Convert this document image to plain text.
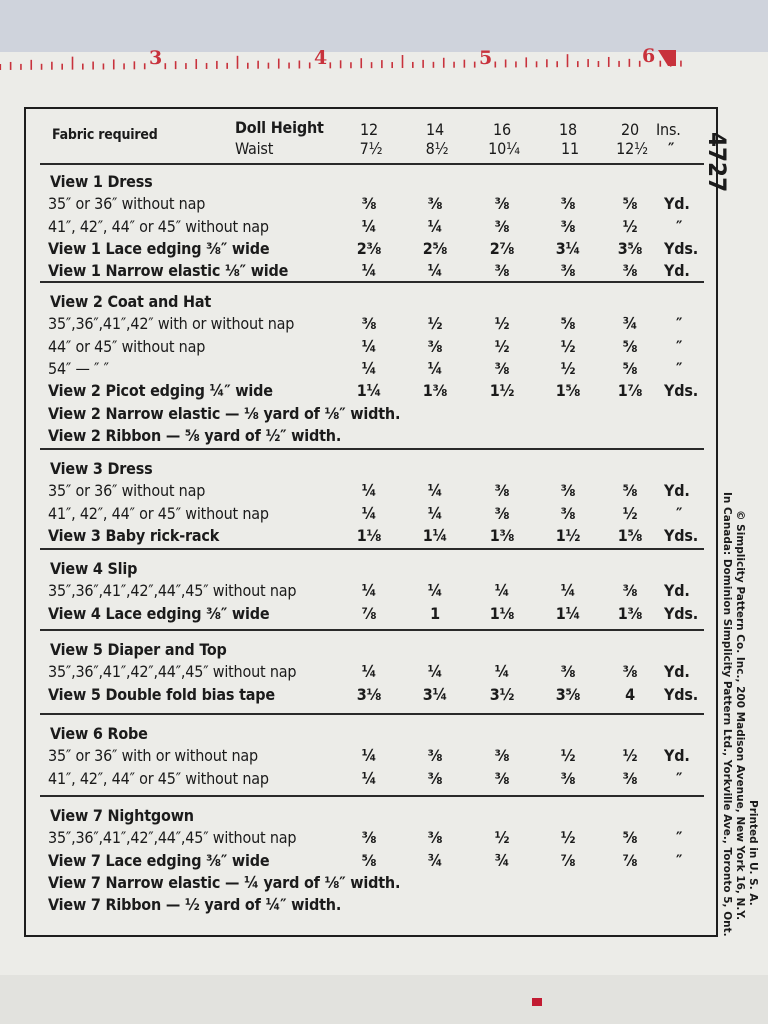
3	4	5	6
Fabric required	Doll Height
Waist
12	14	16	18	20 Ins.
7½	8½ 10¼	11 12½ ″
View 1 Dress
35″ or 36″ without nap	⅜	⅜	⅜	⅜	⅝ Yd.
41″, 42″, 44″ or 45″ without nap	¼	¼	⅜	⅜	½ ″
View 1 Lace edging ⅜″ wide	2⅜	2⅝	2⅞	3¼ 3⅝ Yds.
View 1 Narrow elastic ⅛″ wide	¼	¼	⅜	⅜	⅜ Yd.
View 2 Coat and Hat
35″,36″,41″,42″ with or without nap	⅜	½	½	⅝	¾ ″
44″ or 45″ without nap	¼	⅜	½	½	⅝ ″
54″ — ″ ″	¼	¼	⅜	½	⅝ ″
View 2 Picot edging ¼″ wide	1¼	1⅜	1½	1⅝ 1⅞ Yds.
View 2 Narrow elastic — ⅛ yard of ⅛″ width.
View 2 Ribbon — ⅝ yard of ½″ width.
View 3 Dress
35″ or 36″ without nap	¼	¼	⅜	⅜	⅝ Yd.
41″, 42″, 44″ or 45″ without nap	¼	¼	⅜	⅜	½ ″
View 3 Baby rick-rack	1⅛	1¼	1⅜	1½ 1⅝ Yds.
View 4 Slip
35″,36″,41″,42″,44″,45″ without nap	¼	¼	¼	¼	⅜ Yd.
View 4 Lace edging ⅜″ wide	⅞	1	1⅛	1¼ 1⅜ Yds.
View 5 Diaper and Top
35″,36″,41″,42″,44″,45″ without nap	¼	¼	¼	⅜	⅜ Yd.
View 5 Double fold bias tape	3⅛	3¼	3½	3⅝	4 Yds.
View 6 Robe
35″ or 36″ with or without nap	¼	⅜	⅜	½	½ Yd.
41″, 42″, 44″ or 45″ without nap	¼	⅜	⅜	⅜	⅜ ″
View 7 Nightgown
35″,36″,41″,42″,44″,45″ without nap	⅜	⅜	½	½	⅝ ″
View 7 Lace edging ⅜″ wide	⅝	¾	¾	⅞	⅞ ″
View 7 Narrow elastic — ¼ yard of ⅛″ width.
View 7 Ribbon — ½ yard of ¼″ width.
4727
© Simplicity Pattern Co. Inc., 200 Madison Avenue, New York 16, N.Y.
In Canada: Dominion Simplicity Pattern Ltd., Yorkville Ave., Toronto 5, Ont. Printed in U. S. A.
